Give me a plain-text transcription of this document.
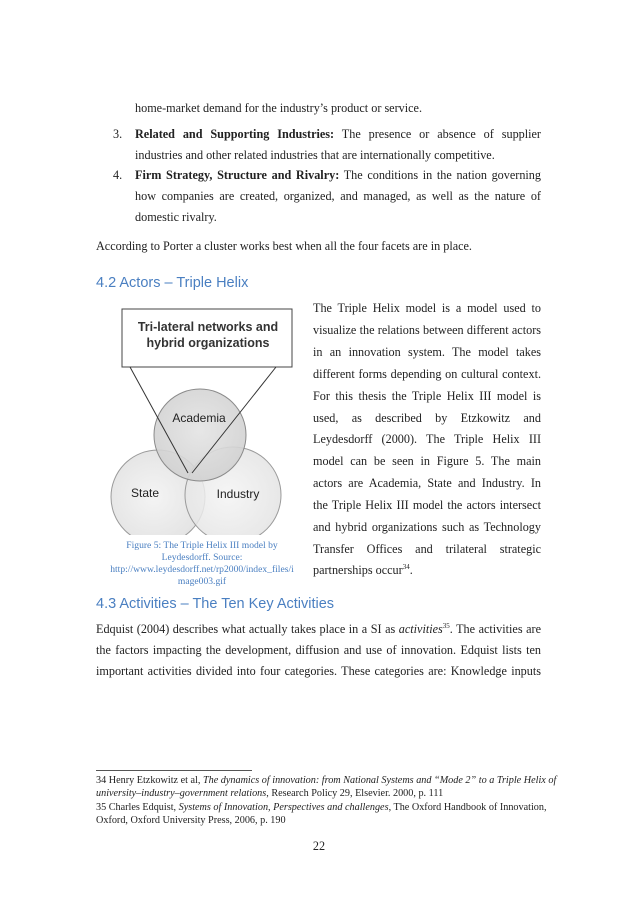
home-market demand for the industry’s product or service.
3. Related and Supporting Industries: The presence or absence of supplier
industries and other related industries that are internationally competitive.
4. Firm Strategy, Structure and Rivalry: The conditions in the nation governing
how companies are created, organized, and managed, as well as the nature of
domestic rivalry.
According to Porter a cluster works best when all the four facets are in place.
4.2 Actors – Triple Helix
The Triple Helix model is a model used to
visualize the relations between different actors
in an innovation system. The model takes
different forms depending on cultural context.
For this thesis the Triple Helix III model is
used, as described by Etzkowitz and
Leydesdorff (2000). The Triple Helix III
model can be seen in Figure 5. The main
actors are Academia, State and Industry. In
the Triple Helix III model the actors intersect
and hybrid organizations such as Technology
Transfer Offices and trilateral strategic
partnerships occur$^{34}$.
Tri-lateral networks and
hybrid organizations
Academia
State	Industry
Figure 5: The Triple Helix III model by
Leydesdorff. Source:
http://www.leydesdorff.net/rp2000/index_files/i
mage003.gif
4.3 Activities – The Ten Key Activities
Edquist (2004) describes what actually takes place in a SI as activities$^{35}$. The activities are
the factors impacting the development, diffusion and use of innovation. Edquist lists ten
important activities divided into four categories. These categories are: Knowledge inputs
34 Henry Etzkowitz et al, The dynamics of innovation: from National Systems and “Mode 2” to a Triple Helix of
university–industry–government relations, Research Policy 29, Elsevier. 2000, p. 111
35 Charles Edquist, Systems of Innovation, Perspectives and challenges, The Oxford Handbook of Innovation,
Oxford, Oxford University Press, 2006, p. 190
22
